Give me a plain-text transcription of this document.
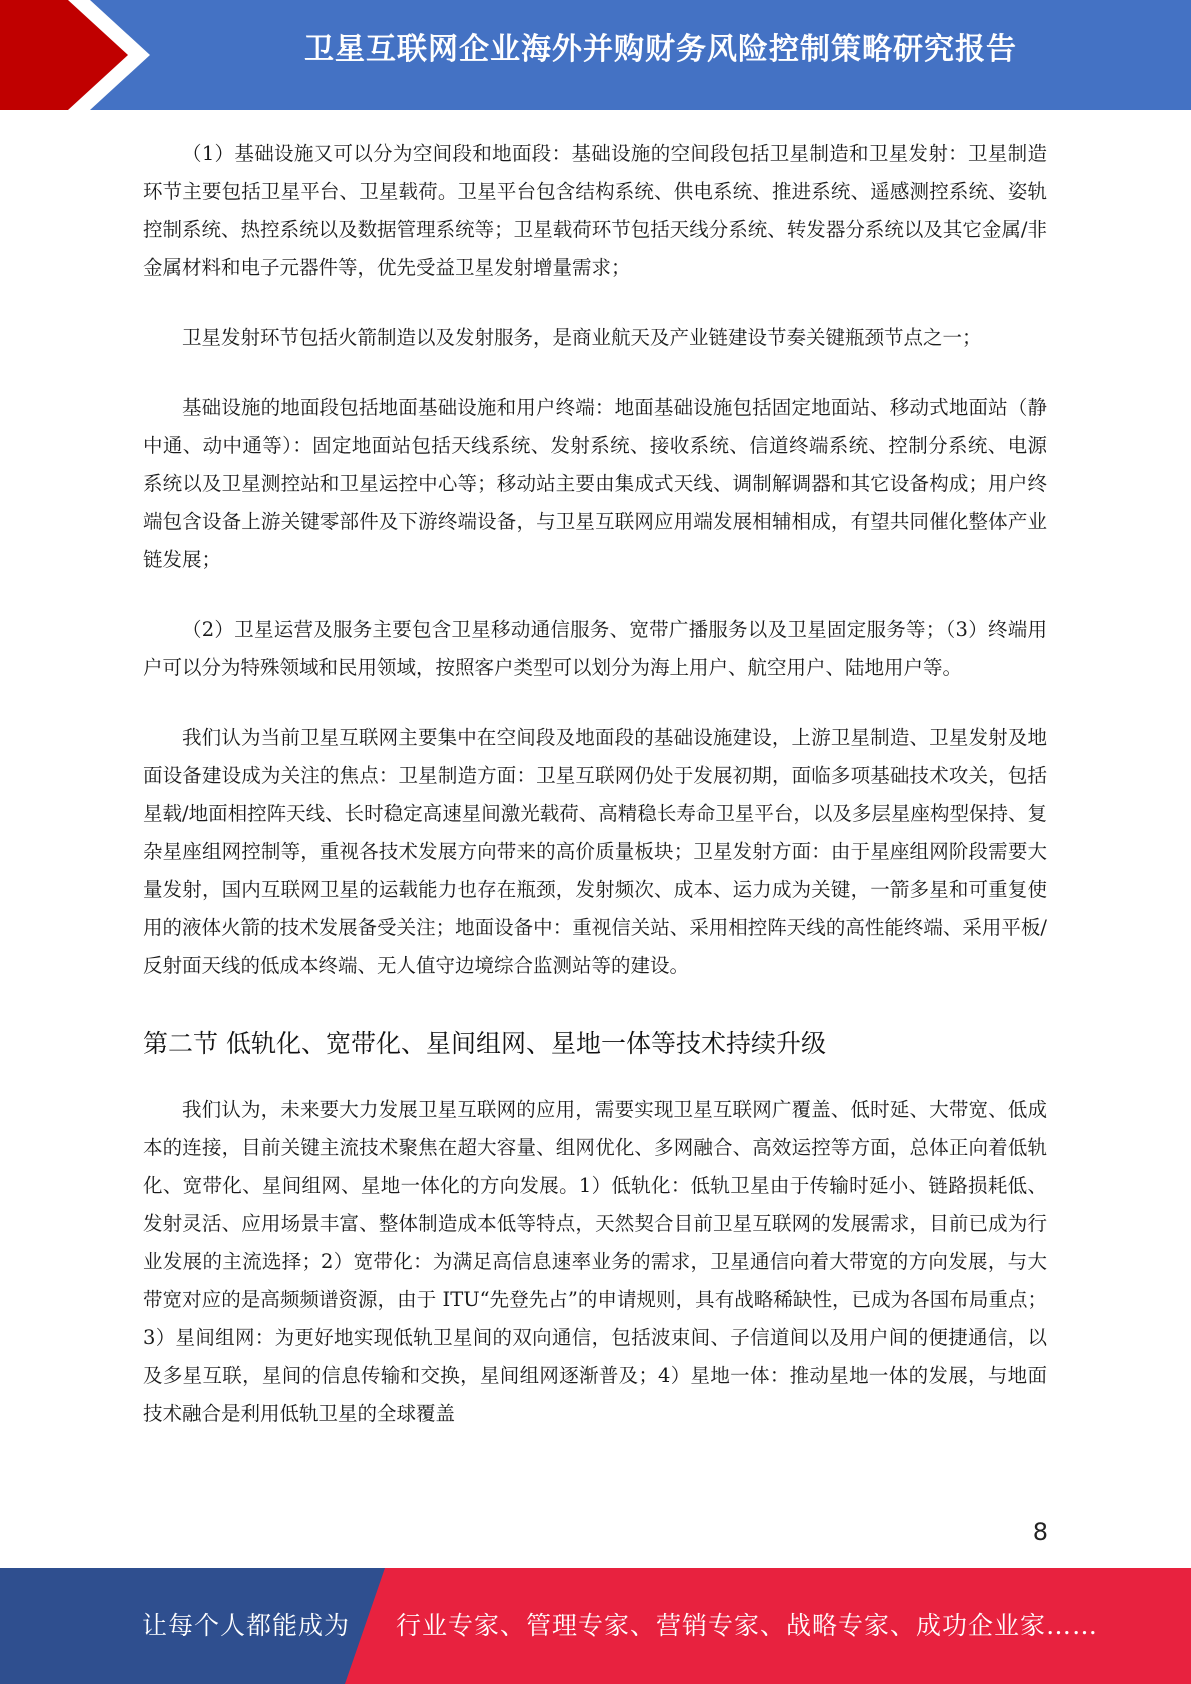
卫星互联网企业海外并购财务风险控制策略研究报告

（1）基础设施又可以分为空间段和地面段：基础设施的空间段包括卫星制造和卫星发射：卫星制造环节主要包括卫星平台、卫星载荷。卫星平台包含结构系统、供电系统、推进系统、遥感测控系统、姿轨控制系统、热控系统以及数据管理系统等；卫星载荷环节包括天线分系统、转发器分系统以及其它金属/非金属材料和电子元器件等，优先受益卫星发射增量需求；

卫星发射环节包括火箭制造以及发射服务，是商业航天及产业链建设节奏关键瓶颈节点之一；

基础设施的地面段包括地面基础设施和用户终端：地面基础设施包括固定地面站、移动式地面站（静中通、动中通等）：固定地面站包括天线系统、发射系统、接收系统、信道终端系统、控制分系统、电源系统以及卫星测控站和卫星运控中心等；移动站主要由集成式天线、调制解调器和其它设备构成；用户终端包含设备上游关键零部件及下游终端设备，与卫星互联网应用端发展相辅相成，有望共同催化整体产业链发展；

（2）卫星运营及服务主要包含卫星移动通信服务、宽带广播服务以及卫星固定服务等；（3）终端用户可以分为特殊领域和民用领域，按照客户类型可以划分为海上用户、航空用户、陆地用户等。

我们认为当前卫星互联网主要集中在空间段及地面段的基础设施建设，上游卫星制造、卫星发射及地面设备建设成为关注的焦点：卫星制造方面：卫星互联网仍处于发展初期，面临多项基础技术攻关，包括星载/地面相控阵天线、长时稳定高速星间激光载荷、高精稳长寿命卫星平台，以及多层星座构型保持、复杂星座组网控制等，重视各技术发展方向带来的高价质量板块；卫星发射方面：由于星座组网阶段需要大量发射，国内互联网卫星的运载能力也存在瓶颈，发射频次、成本、运力成为关键，一箭多星和可重复使用的液体火箭的技术发展备受关注；地面设备中：重视信关站、采用相控阵天线的高性能终端、采用平板/反射面天线的低成本终端、无人值守边境综合监测站等的建设。

第二节 低轨化、宽带化、星间组网、星地一体等技术持续升级

我们认为，未来要大力发展卫星互联网的应用，需要实现卫星互联网广覆盖、低时延、大带宽、低成本的连接，目前关键主流技术聚焦在超大容量、组网优化、多网融合、高效运控等方面，总体正向着低轨化、宽带化、星间组网、星地一体化的方向发展。1）低轨化：低轨卫星由于传输时延小、链路损耗低、发射灵活、应用场景丰富、整体制造成本低等特点，天然契合目前卫星互联网的发展需求，目前已成为行业发展的主流选择；2）宽带化：为满足高信息速率业务的需求，卫星通信向着大带宽的方向发展，与大带宽对应的是高频频谱资源，由于 ITU“先登先占”的申请规则，具有战略稀缺性，已成为各国布局重点；3）星间组网：为更好地实现低轨卫星间的双向通信，包括波束间、子信道间以及用户间的便捷通信，以及多星互联，星间的信息传输和交换，星间组网逐渐普及；4）星地一体：推动星地一体的发展，与地面技术融合是利用低轨卫星的全球覆盖

8
让每个人都能成为 行业专家、管理专家、营销专家、战略专家、成功企业家……
